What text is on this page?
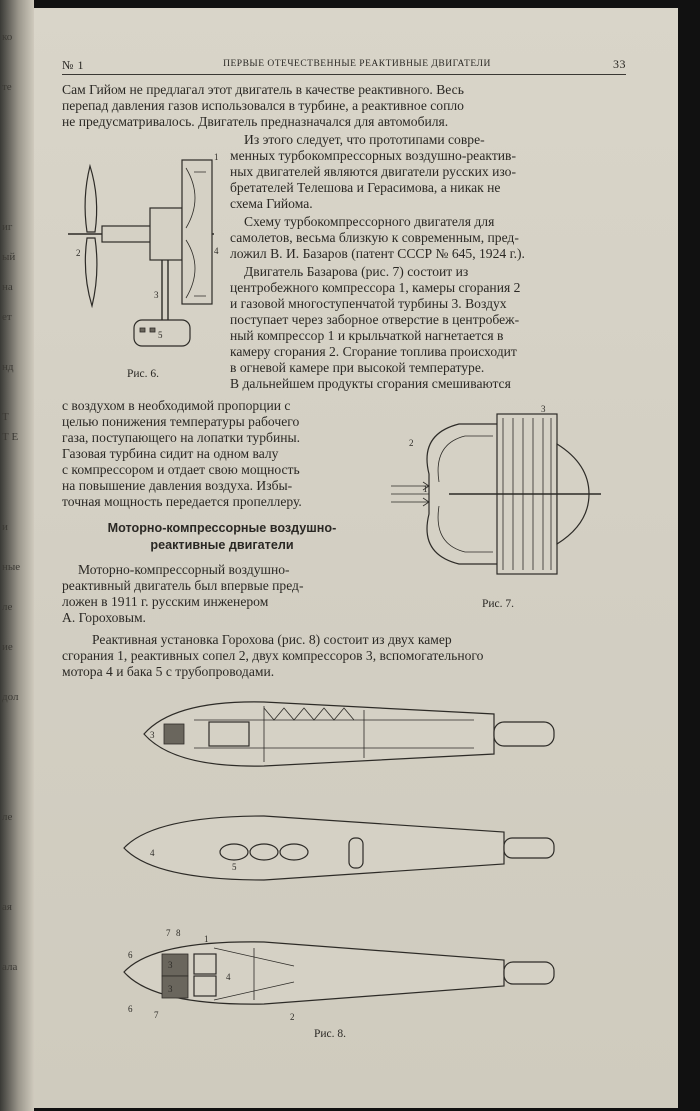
ко
те
иг
ый
на
ет
нд
Т
Т Е
и
ные
ле
ие
дол
ле
ая
ала
№ 1	ПЕРВЫЕ ОТЕЧЕСТВЕННЫЕ РЕАКТИВНЫЕ ДВИГАТЕЛИ	33
Сам Гийом не предлагал этот двигатель в качестве реактивного. Весь
перепад давления газов использовался в турбине, а реактивное сопло
не предусматривалось. Двигатель предназначался для автомобиля.
Из этого следует, что прототипами совре-
менных турбокомпрессорных воздушно-реактив-
ных двигателей являются двигатели русских изо-
бретателей Телешова и Герасимова, а никак не
схема Гийома.
Схему турбокомпрессорного двигателя для
самолетов, весьма близкую к современным, пред-
ложил В. И. Базаров (патент СССР № 645, 1924 г.).
Двигатель Базарова (рис. 7) состоит из
центробежного компрессора 1, камеры сгорания 2
и газовой многоступенчатой турбины 3. Воздух
поступает через заборное отверстие в центробеж-
ный компрессор 1 и крыльчаткой нагнетается в
камеру сгорания 2. Сгорание топлива происходит
в огневой камере при высокой температуре.
В дальнейшем продукты сгорания смешиваются
с воздухом в необходимой пропорции с
целью понижения температуры рабочего
газа, поступающего на лопатки турбины.
Газовая турбина сидит на одном валу
с компрессором и отдает свою мощность
на повышение давления воздуха. Избы-
точная мощность передается пропеллеру.
Моторно-компрессорные воздушно-
реактивные двигатели
Моторно-компрессорный воздушно-
реактивный двигатель был впервые пред-
ложен в 1911 г. русским инженером
А. Гороховым.
Реактивная установка Горохова (рис. 8) состоит из двух камер
сгорания 1, реактивных сопел 2, двух компрессоров 3, вспомогательного
мотора 4 и бака 5 с трубопроводами.
5
1
2
3
4
Рис. 6.
3
2
1
Рис. 7.
3
4
5
6
6
7 8
7
3
3
4
1
2
Рис. 8.
